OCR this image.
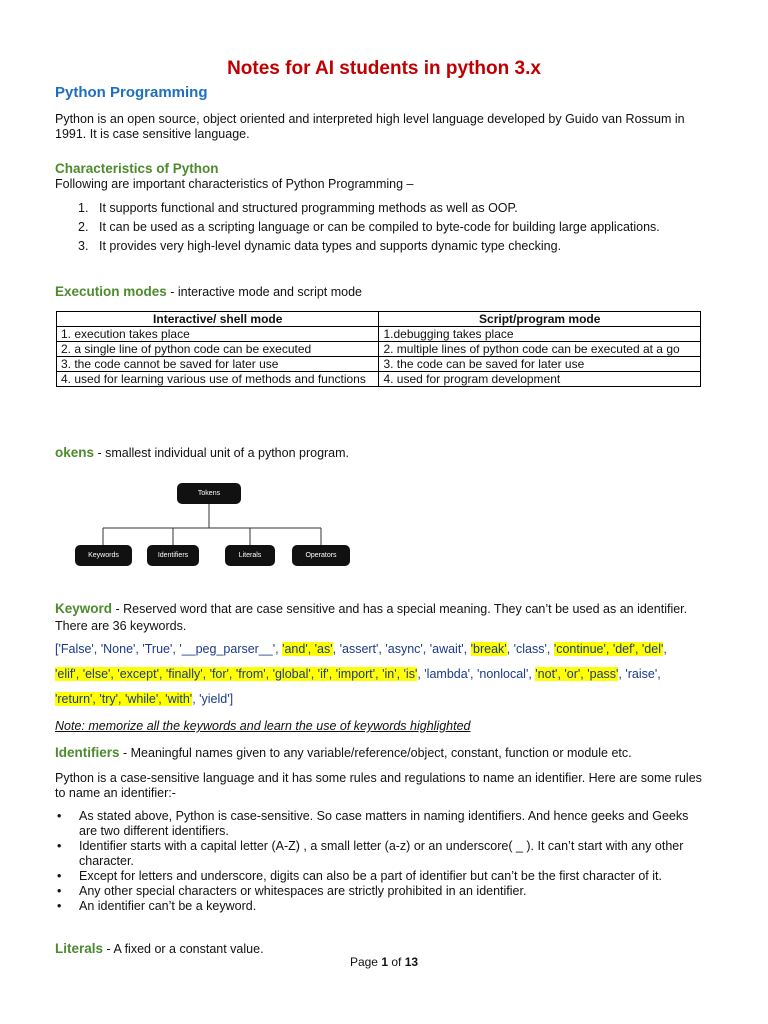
Notes for AI students in python 3.x
Python Programming
Python is an open source, object oriented and interpreted high level language developed by Guido van Rossum in 1991. It is case sensitive language.
Characteristics of Python
Following are important characteristics of Python Programming –
1. It supports functional and structured programming methods as well as OOP.
2. It can be used as a scripting language or can be compiled to byte-code for building large applications.
3. It provides very high-level dynamic data types and supports dynamic type checking.
Execution modes - interactive mode and script mode
Interactive/ shell mode	Script/program mode
1. execution takes place	1.debugging takes place
2. a single line of python code can be executed	2. multiple lines of python code can be executed at a go
3. the code cannot be saved for later use	3. the code can be saved for later use
4. used for learning various use of methods and functions	4. used for program development
okens - smallest individual unit of a python program.
Tokens
Keywords	Identifiers	Literals	Operators
Keyword - Reserved word that are case sensitive and has a special meaning. They can’t be used as an identifier. There are 36 keywords.
['False', 'None', 'True', '__peg_parser__', 'and', 'as', 'assert', 'async', 'await', 'break', 'class', 'continue', 'def', 'del',
'elif', 'else', 'except', 'finally', 'for', 'from', 'global', 'if', 'import', 'in', 'is', 'lambda', 'nonlocal', 'not', 'or', 'pass', 'raise',
'return', 'try', 'while', 'with', 'yield']
Note: memorize all the keywords and learn the use of keywords highlighted
Identifiers - Meaningful names given to any variable/reference/object, constant, function or module etc.
Python is a case-sensitive language and it has some rules and regulations to name an identifier. Here are some rules to name an identifier:-
• As stated above, Python is case-sensitive. So case matters in naming identifiers. And hence geeks and Geeks are two different identifiers.
• Identifier starts with a capital letter (A-Z) , a small letter (a-z) or an underscore( _ ). It can’t start with any other character.
• Except for letters and underscore, digits can also be a part of identifier but can’t be the first character of it.
• Any other special characters or whitespaces are strictly prohibited in an identifier.
• An identifier can’t be a keyword.
Literals - A fixed or a constant value.
Page 1 of 13
